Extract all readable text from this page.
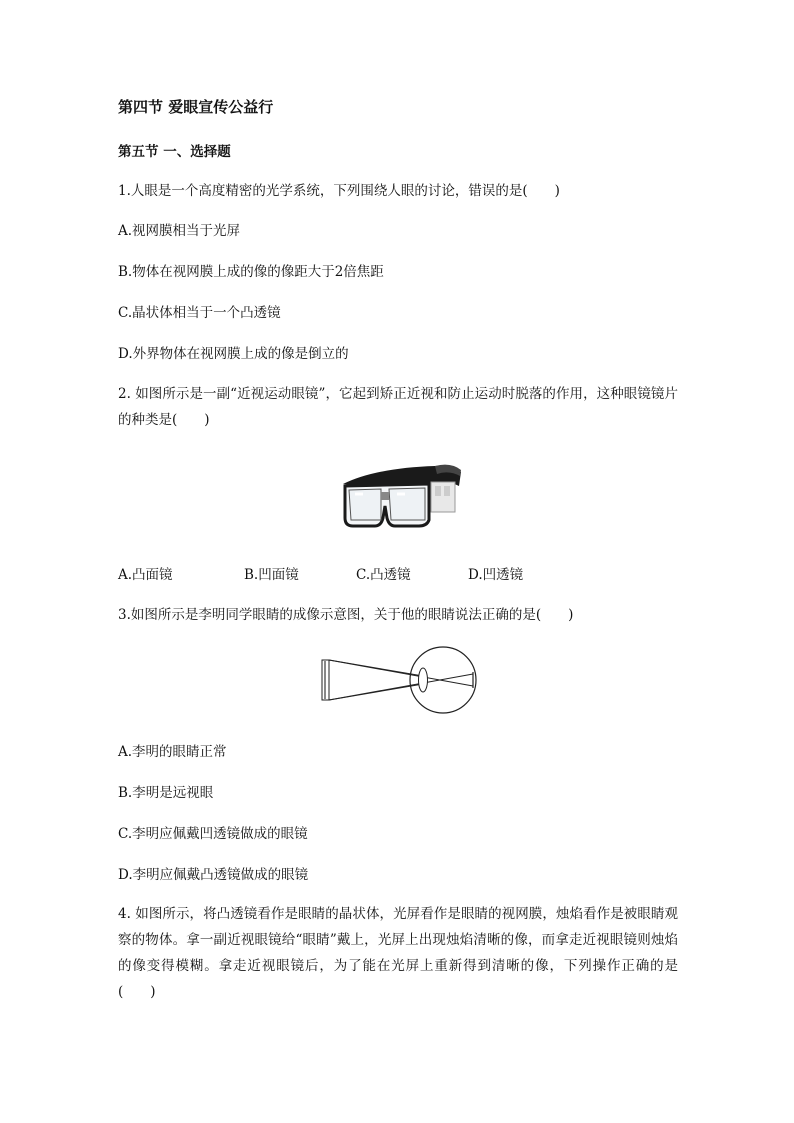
第四节 爱眼宣传公益行
第五节 一、选择题
1.人眼是一个高度精密的光学系统，下列围绕人眼的讨论，错误的是(　　)
A.视网膜相当于光屏
B.物体在视网膜上成的像的像距大于2倍焦距
C.晶状体相当于一个凸透镜
D.外界物体在视网膜上成的像是倒立的
2. 如图所示是一副“近视运动眼镜”，它起到矫正近视和防止运动时脱落的作用，这种眼镜镜片的种类是(　　)
A.凸面镜	B.凹面镜	C.凸透镜	D.凹透镜
3.如图所示是李明同学眼睛的成像示意图，关于他的眼睛说法正确的是(　　)
A.李明的眼睛正常
B.李明是远视眼
C.李明应佩戴凹透镜做成的眼镜
D.李明应佩戴凸透镜做成的眼镜
4. 如图所示，将凸透镜看作是眼睛的晶状体，光屏看作是眼睛的视网膜，烛焰看作是被眼睛观察的物体。拿一副近视眼镜给“眼睛”戴上，光屏上出现烛焰清晰的像，而拿走近视眼镜则烛焰的像变得模糊。拿走近视眼镜后，为了能在光屏上重新得到清晰的像，下列操作正确的是(　　)
